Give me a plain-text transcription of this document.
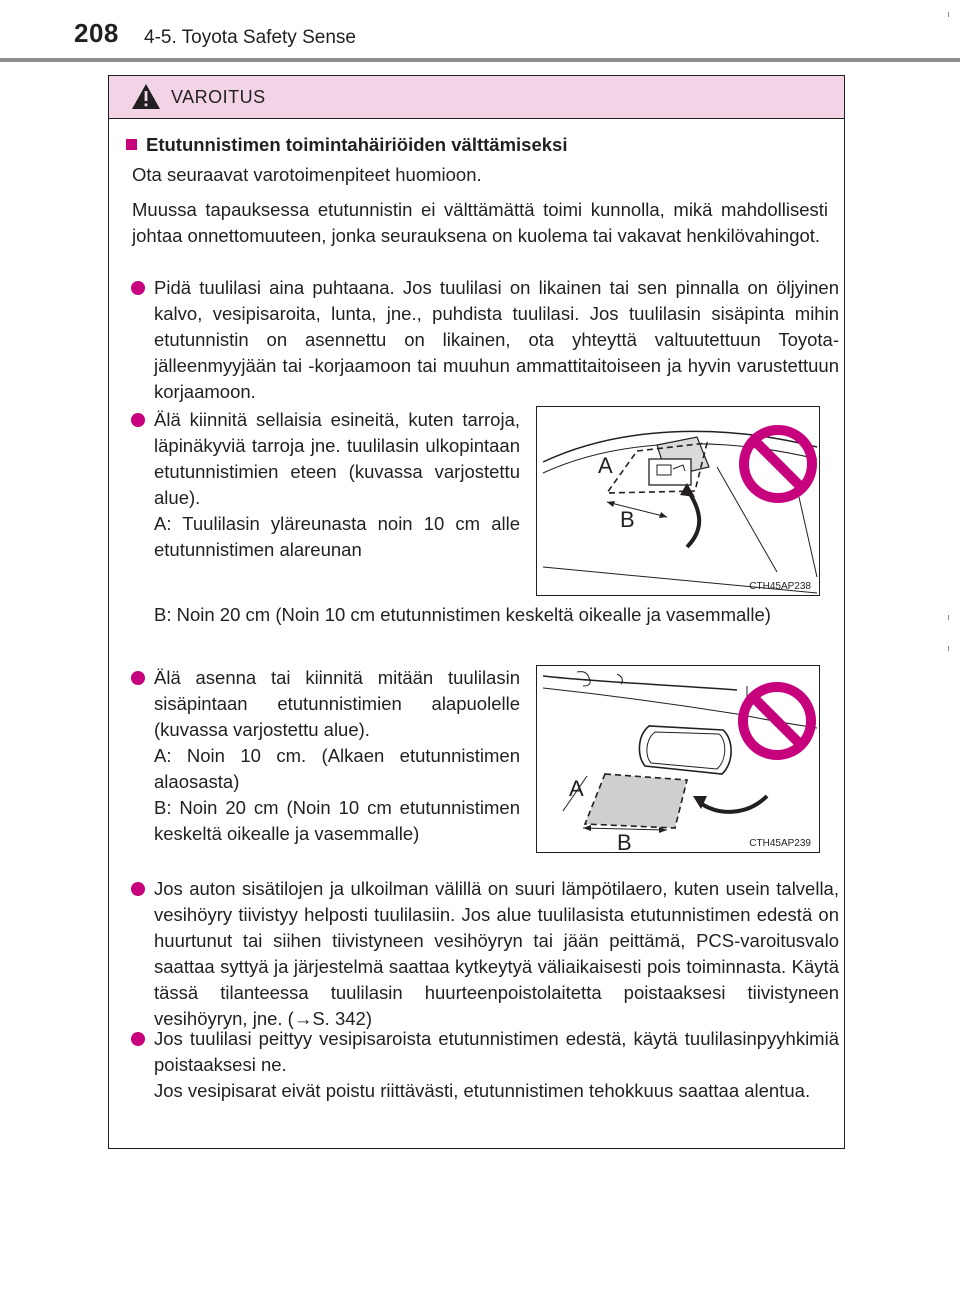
208 4-5. Toyota Safety Sense
VAROITUS
Etutunnistimen toimintahäiriöiden välttämiseksi
Ota seuraavat varotoimenpiteet huomioon.
Muussa tapauksessa etutunnistin ei välttämättä toimi kunnolla, mikä mahdollisesti johtaa onnettomuuteen, jonka seurauksena on kuolema tai vakavat henkilövahingot.
Pidä tuulilasi aina puhtaana. Jos tuulilasi on likainen tai sen pinnalla on öljyinen kalvo, vesipisaroita, lunta, jne., puhdista tuulilasi. Jos tuulilasin sisäpinta mihin etutunnistin on asennettu on likainen, ota yhteyttä valtuutettuun Toyota-jälleenmyyjään tai -korjaamoon tai muuhun ammattitaitoiseen ja hyvin varustettuun korjaamoon.
Älä kiinnitä sellaisia esineitä, kuten tarroja, läpinäkyviä tarroja jne. tuulilasin ulkopintaan etutunnistimien eteen (kuvassa varjostettu alue).
A: Tuulilasin yläreunasta noin 10 cm alle etutunnistimen alareunan
B: Noin 20 cm (Noin 10 cm etutunnistimen keskeltä oikealle ja vasemmalle)
A
B
CTH45AP238
Älä asenna tai kiinnitä mitään tuulilasin sisäpintaan etutunnistimien alapuolelle (kuvassa varjostettu alue).
A: Noin 10 cm. (Alkaen etutunnistimen alaosasta)
B: Noin 20 cm (Noin 10 cm etutunnistimen keskeltä oikealle ja vasemmalle)
A
B	CTH45AP239
Jos auton sisätilojen ja ulkoilman välillä on suuri lämpötilaero, kuten usein talvella, vesihöyry tiivistyy helposti tuulilasiin. Jos alue tuulilasista etutunnistimen edestä on huurtunut tai siihen tiivistyneen vesihöyryn tai jään peittämä, PCS-varoitusvalo saattaa syttyä ja järjestelmä saattaa kytkeytyä väliaikaisesti pois toiminnasta. Käytä tässä tilanteessa tuulilasin huurteenpoistolaitetta poistaaksesi tiivistyneen vesihöyryn, jne. (→S. 342)
Jos tuulilasi peittyy vesipisaroista etutunnistimen edestä, käytä tuulilasinpyyhkimiä poistaaksesi ne.
Jos vesipisarat eivät poistu riittävästi, etutunnistimen tehokkuus saattaa alentua.
